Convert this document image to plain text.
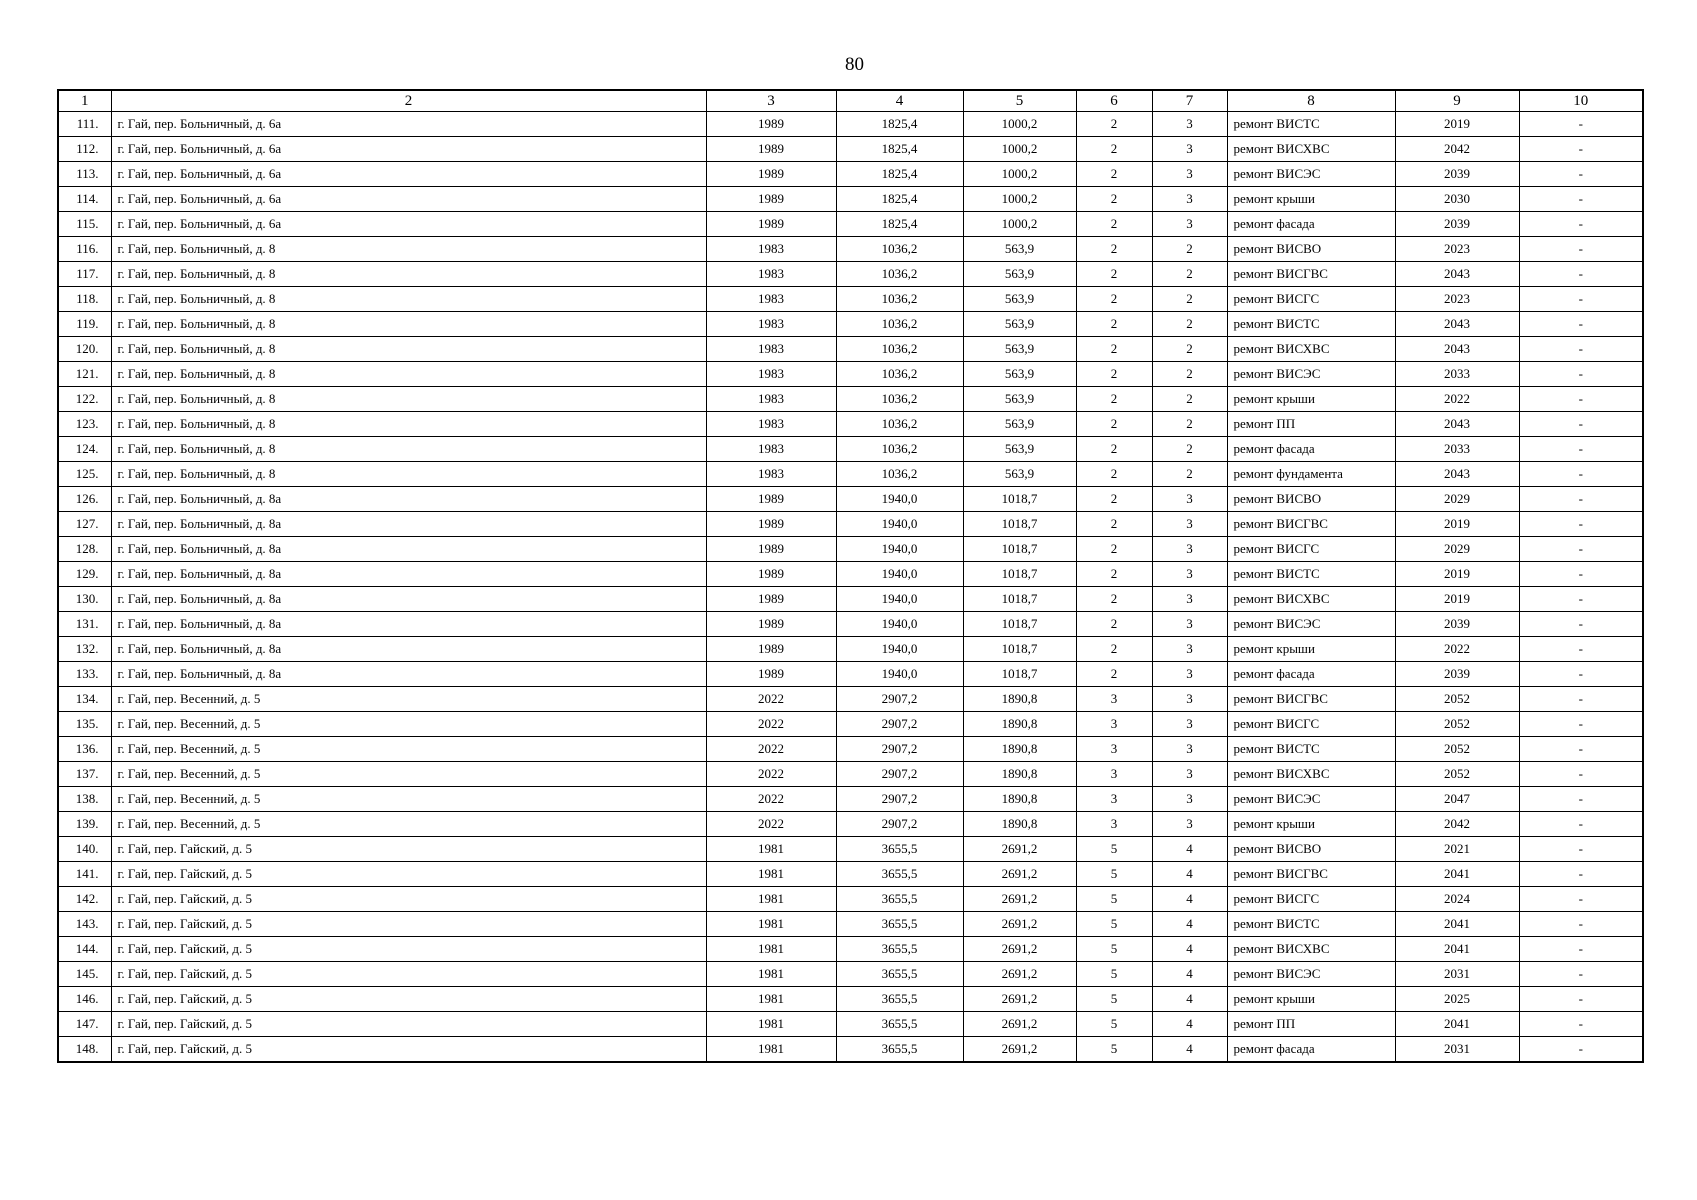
80
1	2	3	4	5	6	7	8	9	10
111.	г. Гай, пер. Больничный, д. 6а	1989	1825,4	1000,2	2	3	ремонт ВИСТС	2019	-
112.	г. Гай, пер. Больничный, д. 6а	1989	1825,4	1000,2	2	3	ремонт ВИСХВС	2042	-
113.	г. Гай, пер. Больничный, д. 6а	1989	1825,4	1000,2	2	3	ремонт ВИСЭС	2039	-
114.	г. Гай, пер. Больничный, д. 6а	1989	1825,4	1000,2	2	3	ремонт крыши	2030	-
115.	г. Гай, пер. Больничный, д. 6а	1989	1825,4	1000,2	2	3	ремонт фасада	2039	-
116.	г. Гай, пер. Больничный, д. 8	1983	1036,2	563,9	2	2	ремонт ВИСВО	2023	-
117.	г. Гай, пер. Больничный, д. 8	1983	1036,2	563,9	2	2	ремонт ВИСГВС	2043	-
118.	г. Гай, пер. Больничный, д. 8	1983	1036,2	563,9	2	2	ремонт ВИСГС	2023	-
119.	г. Гай, пер. Больничный, д. 8	1983	1036,2	563,9	2	2	ремонт ВИСТС	2043	-
120.	г. Гай, пер. Больничный, д. 8	1983	1036,2	563,9	2	2	ремонт ВИСХВС	2043	-
121.	г. Гай, пер. Больничный, д. 8	1983	1036,2	563,9	2	2	ремонт ВИСЭС	2033	-
122.	г. Гай, пер. Больничный, д. 8	1983	1036,2	563,9	2	2	ремонт крыши	2022	-
123.	г. Гай, пер. Больничный, д. 8	1983	1036,2	563,9	2	2	ремонт ПП	2043	-
124.	г. Гай, пер. Больничный, д. 8	1983	1036,2	563,9	2	2	ремонт фасада	2033	-
125.	г. Гай, пер. Больничный, д. 8	1983	1036,2	563,9	2	2	ремонт фундамента	2043	-
126.	г. Гай, пер. Больничный, д. 8а	1989	1940,0	1018,7	2	3	ремонт ВИСВО	2029	-
127.	г. Гай, пер. Больничный, д. 8а	1989	1940,0	1018,7	2	3	ремонт ВИСГВС	2019	-
128.	г. Гай, пер. Больничный, д. 8а	1989	1940,0	1018,7	2	3	ремонт ВИСГС	2029	-
129.	г. Гай, пер. Больничный, д. 8а	1989	1940,0	1018,7	2	3	ремонт ВИСТС	2019	-
130.	г. Гай, пер. Больничный, д. 8а	1989	1940,0	1018,7	2	3	ремонт ВИСХВС	2019	-
131.	г. Гай, пер. Больничный, д. 8а	1989	1940,0	1018,7	2	3	ремонт ВИСЭС	2039	-
132.	г. Гай, пер. Больничный, д. 8а	1989	1940,0	1018,7	2	3	ремонт крыши	2022	-
133.	г. Гай, пер. Больничный, д. 8а	1989	1940,0	1018,7	2	3	ремонт фасада	2039	-
134.	г. Гай, пер. Весенний, д. 5	2022	2907,2	1890,8	3	3	ремонт ВИСГВС	2052	-
135.	г. Гай, пер. Весенний, д. 5	2022	2907,2	1890,8	3	3	ремонт ВИСГС	2052	-
136.	г. Гай, пер. Весенний, д. 5	2022	2907,2	1890,8	3	3	ремонт ВИСТС	2052	-
137.	г. Гай, пер. Весенний, д. 5	2022	2907,2	1890,8	3	3	ремонт ВИСХВС	2052	-
138.	г. Гай, пер. Весенний, д. 5	2022	2907,2	1890,8	3	3	ремонт ВИСЭС	2047	-
139.	г. Гай, пер. Весенний, д. 5	2022	2907,2	1890,8	3	3	ремонт крыши	2042	-
140.	г. Гай, пер. Гайский, д. 5	1981	3655,5	2691,2	5	4	ремонт ВИСВО	2021	-
141.	г. Гай, пер. Гайский, д. 5	1981	3655,5	2691,2	5	4	ремонт ВИСГВС	2041	-
142.	г. Гай, пер. Гайский, д. 5	1981	3655,5	2691,2	5	4	ремонт ВИСГС	2024	-
143.	г. Гай, пер. Гайский, д. 5	1981	3655,5	2691,2	5	4	ремонт ВИСТС	2041	-
144.	г. Гай, пер. Гайский, д. 5	1981	3655,5	2691,2	5	4	ремонт ВИСХВС	2041	-
145.	г. Гай, пер. Гайский, д. 5	1981	3655,5	2691,2	5	4	ремонт ВИСЭС	2031	-
146.	г. Гай, пер. Гайский, д. 5	1981	3655,5	2691,2	5	4	ремонт крыши	2025	-
147.	г. Гай, пер. Гайский, д. 5	1981	3655,5	2691,2	5	4	ремонт ПП	2041	-
148.	г. Гай, пер. Гайский, д. 5	1981	3655,5	2691,2	5	4	ремонт фасада	2031	-
